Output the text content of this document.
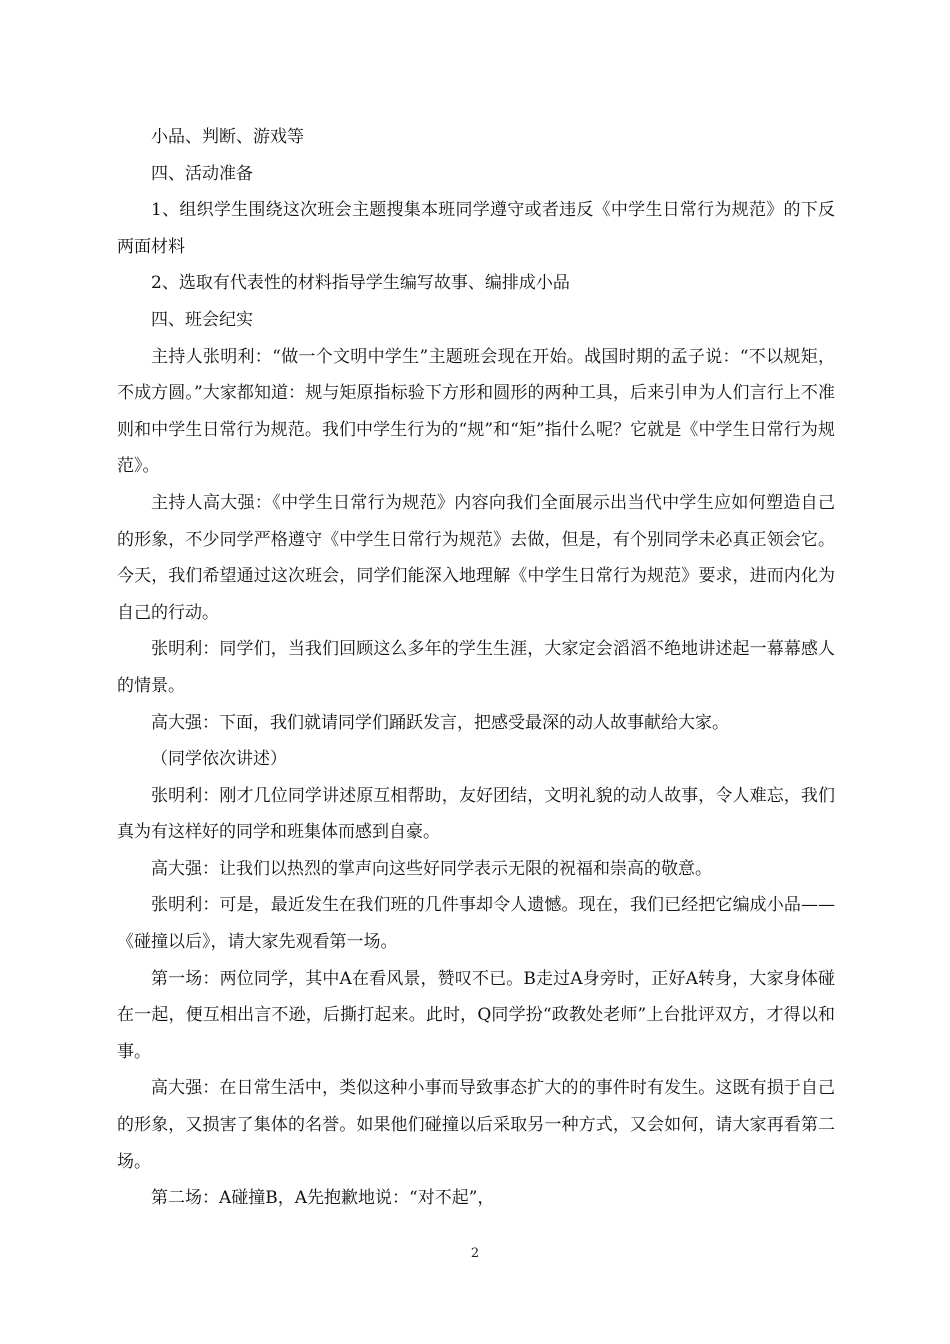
小品、判断、游戏等

四、活动准备

1、组织学生围绕这次班会主题搜集本班同学遵守或者违反《中学生日常行为规范》的下反两面材料

2、选取有代表性的材料指导学生编写故事、编排成小品

四、班会纪实

主持人张明利：“做一个文明中学生”主题班会现在开始。战国时期的孟子说：“不以规矩，不成方圆。”大家都知道：规与矩原指标验下方形和圆形的两种工具，后来引申为人们言行上不准则和中学生日常行为规范。我们中学生行为的“规”和“矩”指什么呢？它就是《中学生日常行为规范》。

主持人高大强：《中学生日常行为规范》内容向我们全面展示出当代中学生应如何塑造自己的形象，不少同学严格遵守《中学生日常行为规范》去做，但是，有个别同学未必真正领会它。今天，我们希望通过这次班会，同学们能深入地理解《中学生日常行为规范》要求，进而内化为自己的行动。

张明利：同学们，当我们回顾这么多年的学生生涯，大家定会滔滔不绝地讲述起一幕幕感人的情景。

高大强：下面，我们就请同学们踊跃发言，把感受最深的动人故事献给大家。

（同学依次讲述）

张明利：刚才几位同学讲述原互相帮助，友好团结，文明礼貌的动人故事，令人难忘，我们真为有这样好的同学和班集体而感到自豪。

高大强：让我们以热烈的掌声向这些好同学表示无限的祝福和崇高的敬意。

张明利：可是，最近发生在我们班的几件事却令人遗憾。现在，我们已经把它编成小品——《碰撞以后》，请大家先观看第一场。

第一场：两位同学，其中A在看风景，赞叹不已。B走过A身旁时，正好A转身，大家身体碰在一起，便互相出言不逊，后撕打起来。此时，Q同学扮“政教处老师”上台批评双方，才得以和事。

高大强：在日常生活中，类似这种小事而导致事态扩大的的事件时有发生。这既有损于自己的形象，又损害了集体的名誉。如果他们碰撞以后采取另一种方式，又会如何，请大家再看第二场。

第二场：A碰撞B，A先抱歉地说：“对不起”，

2
